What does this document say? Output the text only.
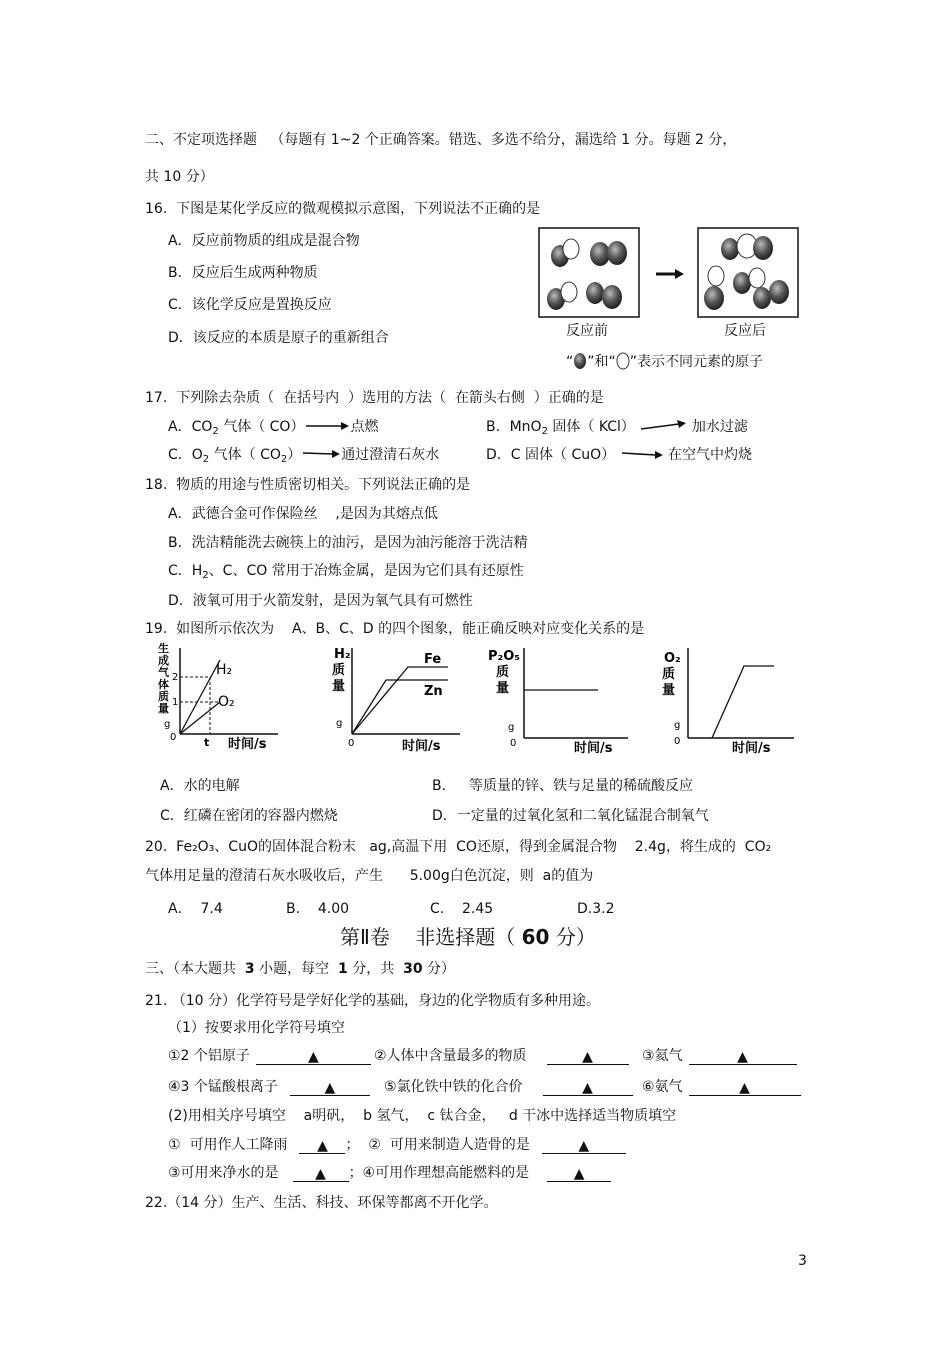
二、不定项选择题 （每题有 1~2 个正确答案。错选、多选不给分，漏选给 1 分。每题 2 分，
共 10 分）
16.  下图是某化学反应的微观模拟示意图，下列说法不正确的是
A．反应前物质的组成是混合物
B．反应后生成两种物质
C．该化学反应是置换反应
D．该反应的本质是原子的重新组合	反应前	反应后
“ ”和“ ”表示不同元素的原子
17.  下列除去杂质（  在括号内  ）选用的方法（  在箭头右侧  ）正确的是
A．$CO_2$ 气体（ CO）	点燃	B．MnO$_2$ 固体（ KCl）	加水过滤
C．$O_2$ 气体（ $CO_2$）	通过澄清石灰水	D．C 固体（ CuO）	在空气中灼烧
18.  物质的用途与性质密切相关。下列说法正确的是
A．武德合金可作保险丝    ,是因为其熔点低
B．洗洁精能洗去碗筷上的油污，是因为油污能溶于洗洁精
C．$H_2$、C、CO 常用于冶炼金属，是因为它们具有还原性
D．液氧可用于火箭发射，是因为氧气具有可燃性
19.  如图所示依次为    A、B、C、D 的四个图象，能正确反映对应变化关系的是
生
成
气
体
质
量
g
2
1
H₂
O₂
0	t 时间/s
H₂
质
量
g
Fe
Zn
0	时间/s
P₂O₅
质
量
g
0	时间/s
O₂
质
量
g
0	时间/s
A．水的电解	B．   等质量的锌、铁与足量的稀硫酸反应
C．红磷在密闭的容器内燃烧	D．一定量的过氧化氢和二氧化锰混合制氧气
20.  Fe₂O₃、CuO的固体混合粉末   ag,高温下用  CO还原，得到金属混合物    2.4g，将生成的  CO₂
气体用足量的澄清石灰水吸收后，产生      5.00g白色沉淀，则  a的值为
A．  7.4	B.    4.00	C.    2.45	D.3.2
第Ⅱ卷    非选择题（ 60 分）
三、（本大题共  3 小题，每空  1 分，共  30 分）
21. （10 分）化学符号是学好化学的基础，身边的化学物质有多种用途。
（1）按要求用化学符号填空
①2 个铝原子	▲	②人体中含量最多的物质	▲	③氦气	▲
④3 个锰酸根离子	▲	⑤氯化铁中铁的化合价	▲	⑥氨气	▲
(2)用相关序号填空    a明矾，  b 氢气，  c 钛合金，   d 干冰中选择适当物质填空
①  可用作人工降雨 ▲ ；  ②  可用来制造人造骨的是	▲
③可用来净水的是	▲ ；④可用作理想高能燃料的是	▲
22.（14 分）生产、生活、科技、环保等都离不开化学。
3
